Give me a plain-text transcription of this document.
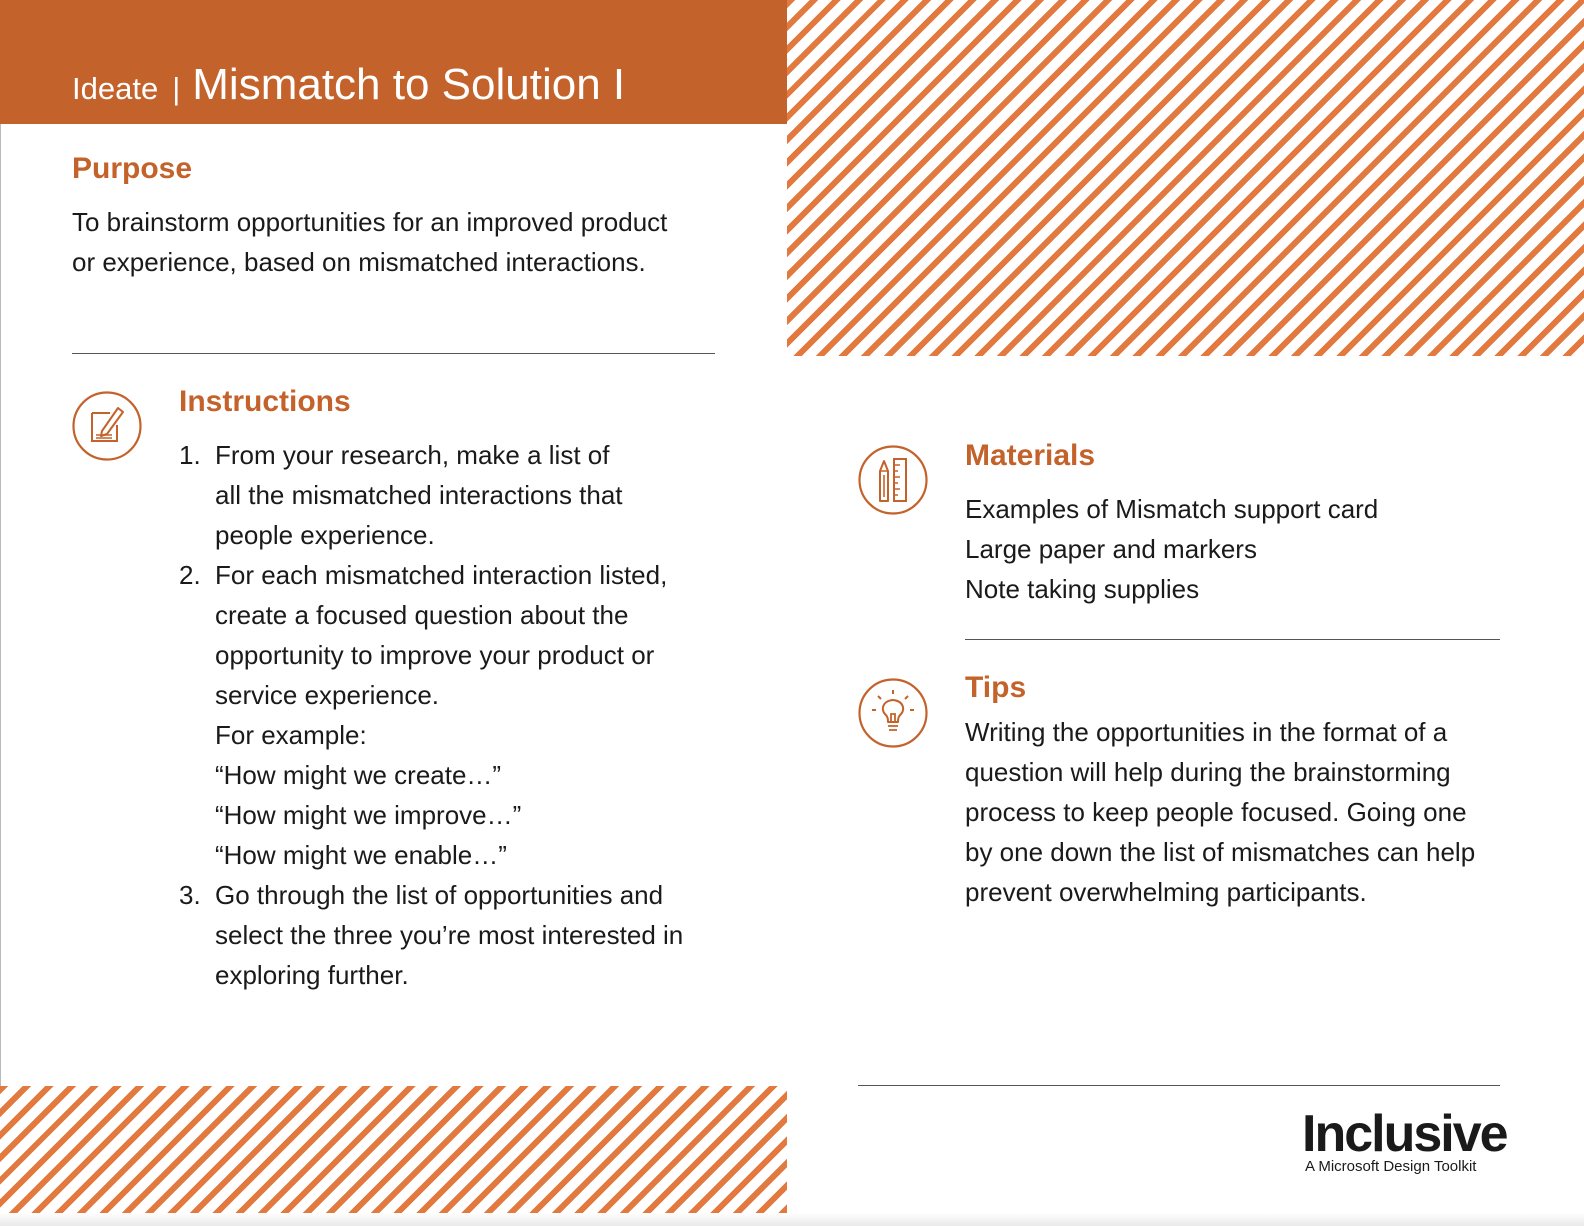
Ideate | Mismatch to Solution I
Purpose
To brainstorm opportunities for an improved product
or experience, based on mismatched interactions.
Instructions
1. From your research, make a list of
all the mismatched interactions that
people experience.
2. For each mismatched interaction listed,
create a focused question about the
opportunity to improve your product or
service experience.
For example:
“How might we create…”
“How might we improve…”
“How might we enable…”
3. Go through the list of opportunities and
select the three you’re most interested in
exploring further.
Materials
Examples of Mismatch support card
Large paper and markers
Note taking supplies
Tips
Writing the opportunities in the format of a
question will help during the brainstorming
process to keep people focused. Going one
by one down the list of mismatches can help
prevent overwhelming participants.
Inclusive
A Microsoft Design Toolkit
